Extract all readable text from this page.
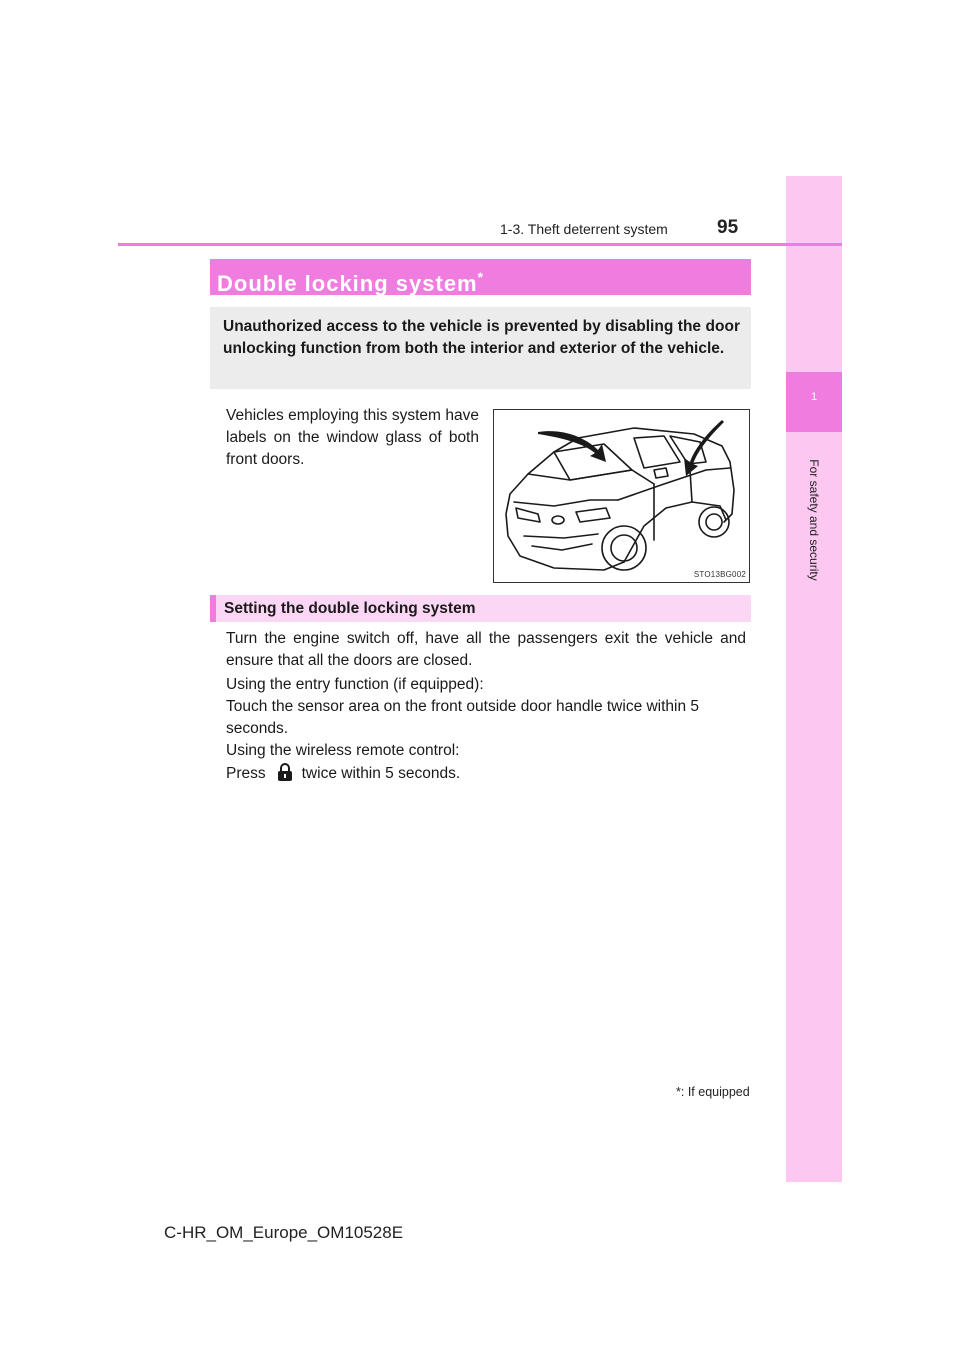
1
For safety and security
1-3. Theft deterrent system	95
Double locking system*
Unauthorized access to the vehicle is prevented by disabling the door unlocking function from both the interior and exterior of the vehicle.
Vehicles employing this system have labels on the window glass of both front doors.
STO13BG002
Setting the double locking system
Turn the engine switch off, have all the passengers exit the vehicle and ensure that all the doors are closed.
Using the entry function (if equipped):
Touch the sensor area on the front outside door handle twice within 5 seconds.
Using the wireless remote control:
Press twice within 5 seconds.
*: If equipped
C-HR_OM_Europe_OM10528E
